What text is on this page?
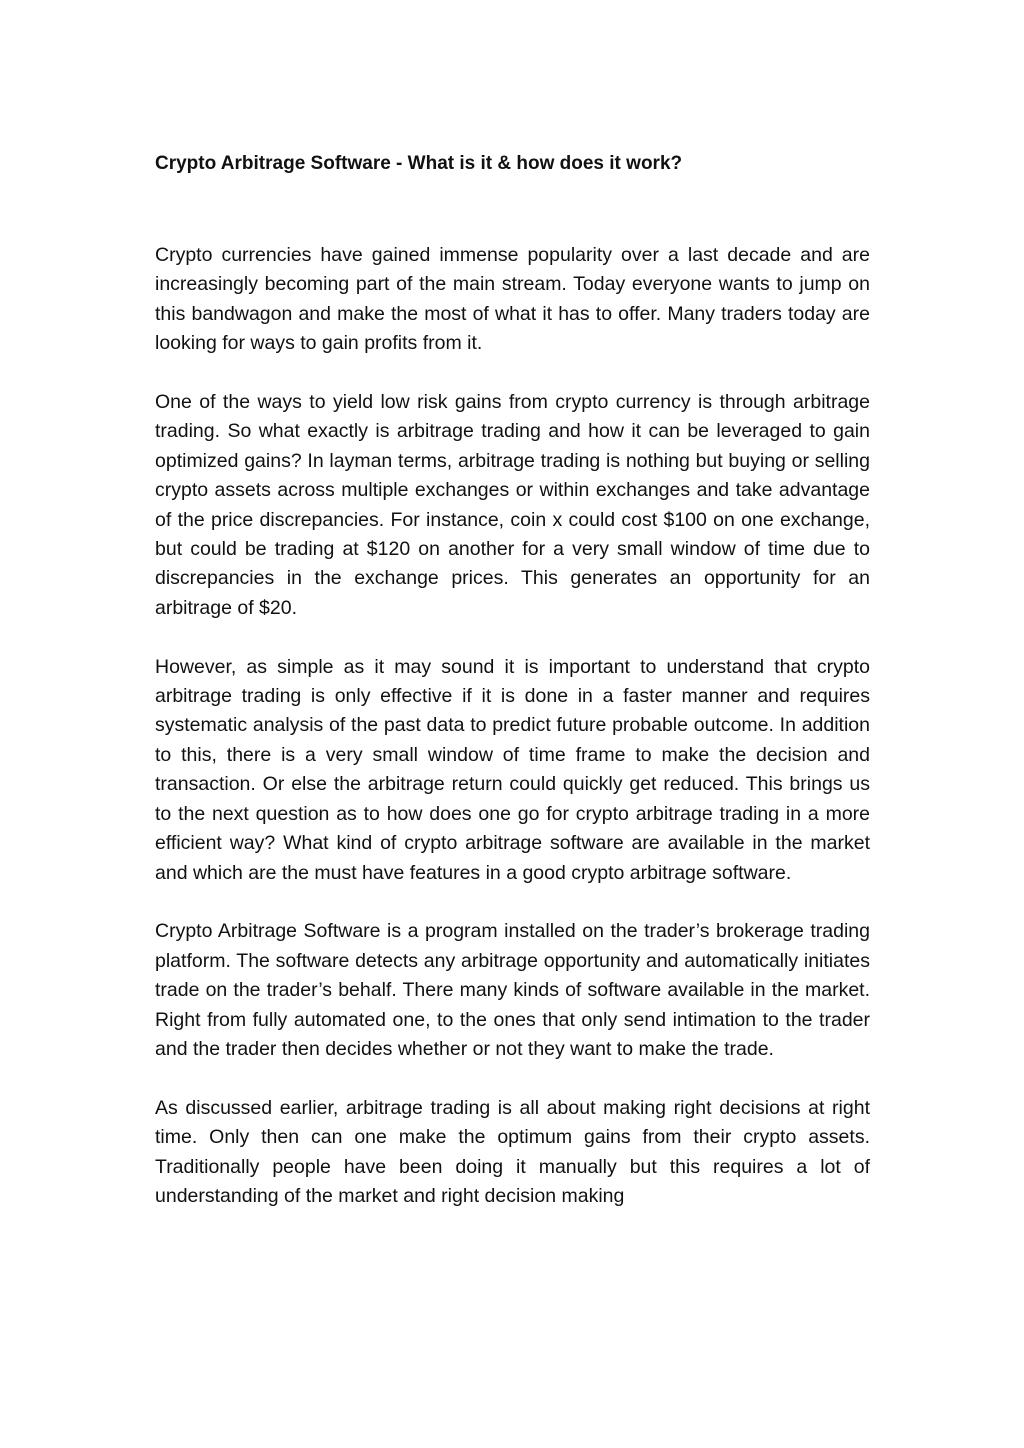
Crypto Arbitrage Software - What is it & how does it work?

Crypto currencies have gained immense popularity over a last decade and are increasingly becoming part of the main stream. Today everyone wants to jump on this bandwagon and make the most of what it has to offer. Many traders today are looking for ways to gain profits from it.

One of the ways to yield low risk gains from crypto currency is through arbitrage trading. So what exactly is arbitrage trading and how it can be leveraged to gain optimized gains? In layman terms, arbitrage trading is nothing but buying or selling crypto assets across multiple exchanges or within exchanges and take advantage of the price discrepancies. For instance, coin x could cost $100 on one exchange, but could be trading at $120 on another for a very small window of time due to discrepancies in the exchange prices. This generates an opportunity for an arbitrage of $20.

However, as simple as it may sound it is important to understand that crypto arbitrage trading is only effective if it is done in a faster manner and requires systematic analysis of the past data to predict future probable outcome. In addition to this, there is a very small window of time frame to make the decision and transaction. Or else the arbitrage return could quickly get reduced. This brings us to the next question as to how does one go for crypto arbitrage trading in a more efficient way? What kind of crypto arbitrage software are available in the market and which are the must have features in a good crypto arbitrage software.

Crypto Arbitrage Software is a program installed on the trader’s brokerage trading platform. The software detects any arbitrage opportunity and automatically initiates trade on the trader’s behalf. There many kinds of software available in the market. Right from fully automated one, to the ones that only send intimation to the trader and the trader then decides whether or not they want to make the trade.

As discussed earlier, arbitrage trading is all about making right decisions at right time. Only then can one make the optimum gains from their crypto assets. Traditionally people have been doing it manually but this requires a lot of understanding of the market and right decision making
